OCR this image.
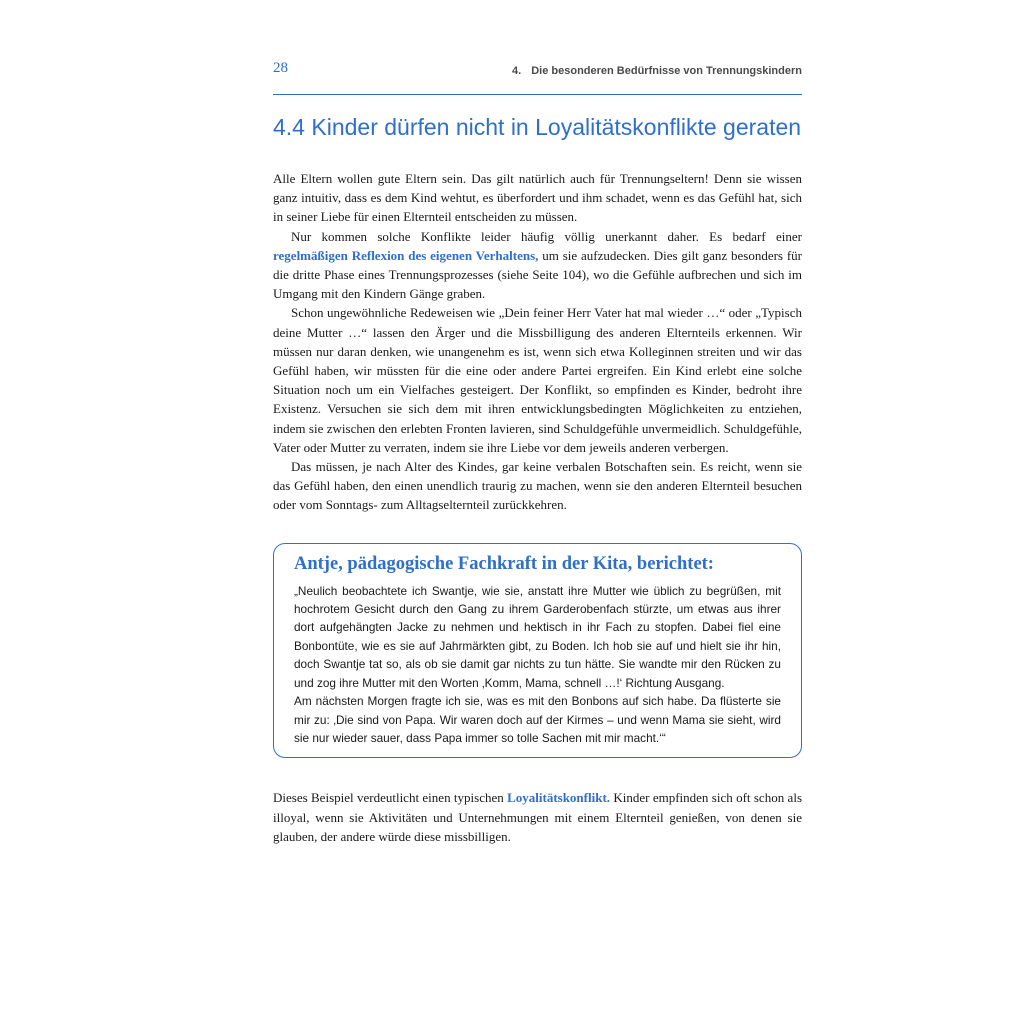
28	4. Die besonderen Bedürfnisse von Trennungskindern
4.4 Kinder dürfen nicht in Loyalitätskonflikte geraten

Alle Eltern wollen gute Eltern sein. Das gilt natürlich auch für Trennungseltern! Denn sie wissen ganz intuitiv, dass es dem Kind wehtut, es überfordert und ihm schadet, wenn es das Gefühl hat, sich in seiner Liebe für einen Elternteil entscheiden zu müssen.

Nur kommen solche Konflikte leider häufig völlig unerkannt daher. Es bedarf einer regelmäßigen Reflexion des eigenen Verhaltens, um sie aufzudecken. Dies gilt ganz besonders für die dritte Phase eines Trennungsprozesses (siehe Seite 104), wo die Gefühle aufbrechen und sich im Umgang mit den Kindern Gänge graben.

Schon ungewöhnliche Redeweisen wie „Dein feiner Herr Vater hat mal wieder …“ oder „Typisch deine Mutter …“ lassen den Ärger und die Missbilligung des anderen Elternteils erkennen. Wir müssen nur daran denken, wie unangenehm es ist, wenn sich etwa Kolleginnen streiten und wir das Gefühl haben, wir müssten für die eine oder andere Partei ergreifen. Ein Kind erlebt eine solche Situation noch um ein Vielfaches gesteigert. Der Konflikt, so empfinden es Kinder, bedroht ihre Existenz. Versuchen sie sich dem mit ihren entwicklungsbedingten Möglichkeiten zu entziehen, indem sie zwischen den erlebten Fronten lavieren, sind Schuldgefühle unvermeidlich. Schuldgefühle, Vater oder Mutter zu verraten, indem sie ihre Liebe vor dem jeweils anderen verbergen.

Das müssen, je nach Alter des Kindes, gar keine verbalen Botschaften sein. Es reicht, wenn sie das Gefühl haben, den einen unendlich traurig zu machen, wenn sie den anderen Elternteil besuchen oder vom Sonntags- zum Alltagselternteil zurückkehren.

Antje, pädagogische Fachkraft in der Kita, berichtet:

„Neulich beobachtete ich Swantje, wie sie, anstatt ihre Mutter wie üblich zu begrüßen, mit hochrotem Gesicht durch den Gang zu ihrem Garderobenfach stürzte, um etwas aus ihrer dort aufgehängten Jacke zu nehmen und hektisch in ihr Fach zu stopfen. Dabei fiel eine Bonbontüte, wie es sie auf Jahrmärkten gibt, zu Boden. Ich hob sie auf und hielt sie ihr hin, doch Swantje tat so, als ob sie damit gar nichts zu tun hätte. Sie wandte mir den Rücken zu und zog ihre Mutter mit den Worten ‚Komm, Mama, schnell …!‘ Richtung Ausgang.

Am nächsten Morgen fragte ich sie, was es mit den Bonbons auf sich habe. Da flüsterte sie mir zu: ‚Die sind von Papa. Wir waren doch auf der Kirmes – und wenn Mama sie sieht, wird sie nur wieder sauer, dass Papa immer so tolle Sachen mit mir macht.‘“

Dieses Beispiel verdeutlicht einen typischen Loyalitätskonflikt. Kinder empfinden sich oft schon als illoyal, wenn sie Aktivitäten und Unternehmungen mit einem Elternteil genießen, von denen sie glauben, der andere würde diese missbilligen.
